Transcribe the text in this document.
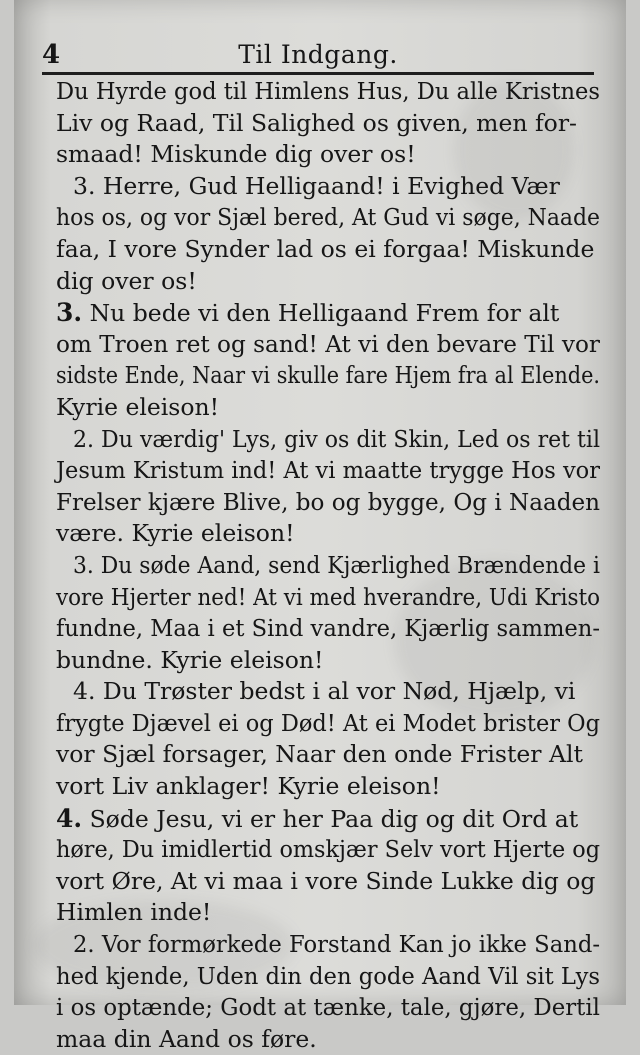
4	Til Indgang.
Du Hyrde god til Himlens Hus, Du alle Kristnes
Liv og Raad, Til Salighed os given, men for-
smaad! Miskunde dig over os!
3. Herre, Gud Helligaand! i Evighed Vær
hos os, og vor Sjæl bered, At Gud vi søge, Naade
faa, I vore Synder lad os ei forgaa! Miskunde
dig over os!
3. Nu bede vi den Helligaand Frem for alt
om Troen ret og sand! At vi den bevare Til vor
sidste Ende, Naar vi skulle fare Hjem fra al Elende.
Kyrie eleison!
2. Du værdig' Lys, giv os dit Skin, Led os ret til
Jesum Kristum ind! At vi maatte trygge Hos vor
Frelser kjære Blive, bo og bygge, Og i Naaden
være. Kyrie eleison!
3. Du søde Aand, send Kjærlighed Brændende i
vore Hjerter ned! At vi med hverandre, Udi Kristo
fundne, Maa i et Sind vandre, Kjærlig sammen-
bundne. Kyrie eleison!
4. Du Trøster bedst i al vor Nød, Hjælp, vi
frygte Djævel ei og Død! At ei Modet brister Og
vor Sjæl forsager, Naar den onde Frister Alt
vort Liv anklager! Kyrie eleison!
4. Søde Jesu, vi er her Paa dig og dit Ord at
høre, Du imidlertid omskjær Selv vort Hjerte og
vort Øre, At vi maa i vore Sinde Lukke dig og
Himlen inde!
2. Vor formørkede Forstand Kan jo ikke Sand-
hed kjende, Uden din den gode Aand Vil sit Lys
i os optænde; Godt at tænke, tale, gjøre, Dertil
maa din Aand os føre.
